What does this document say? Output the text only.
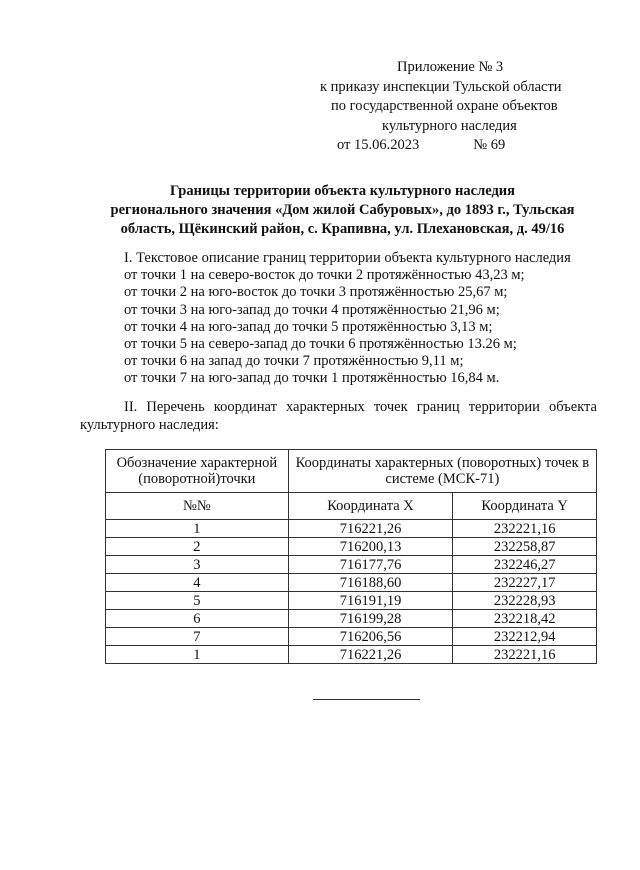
Приложение № 3
к приказу инспекции Тульской области
по государственной охране объектов
культурного наследия
от 15.06.2023	№ 69
Границы территории объекта культурного наследия
регионального значения «Дом жилой Сабуровых», до 1893 г., Тульская
область, Щёкинский район, с. Крапивна, ул. Плехановская, д. 49/16
I. Текстовое описание границ территории объекта культурного наследия
от точки 1 на северо-восток до точки 2 протяжённостью 43,23 м;
от точки 2 на юго-восток до точки 3 протяжённостью 25,67 м;
от точки 3 на юго-запад до точки 4 протяжённостью 21,96 м;
от точки 4 на юго-запад до точки 5 протяжённостью 3,13 м;
от точки 5 на северо-запад до точки 6 протяжённостью 13.26 м;
от точки 6 на запад до точки 7 протяжённостью 9,11 м;
от точки 7 на юго-запад до точки 1 протяжённостью 16,84 м.
II. Перечень координат характерных точек границ территории объекта культурного наследия:
Обозначение характерной (поворотной)точки	Координаты характерных (поворотных) точек в системе (МСК-71)	
№№	Координата X	Координата Y
1	716221,26	232221,16
2	716200,13	232258,87
3	716177,76	232246,27
4	716188,60	232227,17
5	716191,19	232228,93
6	716199,28	232218,42
7	716206,56	232212,94
1	716221,26	232221,16
